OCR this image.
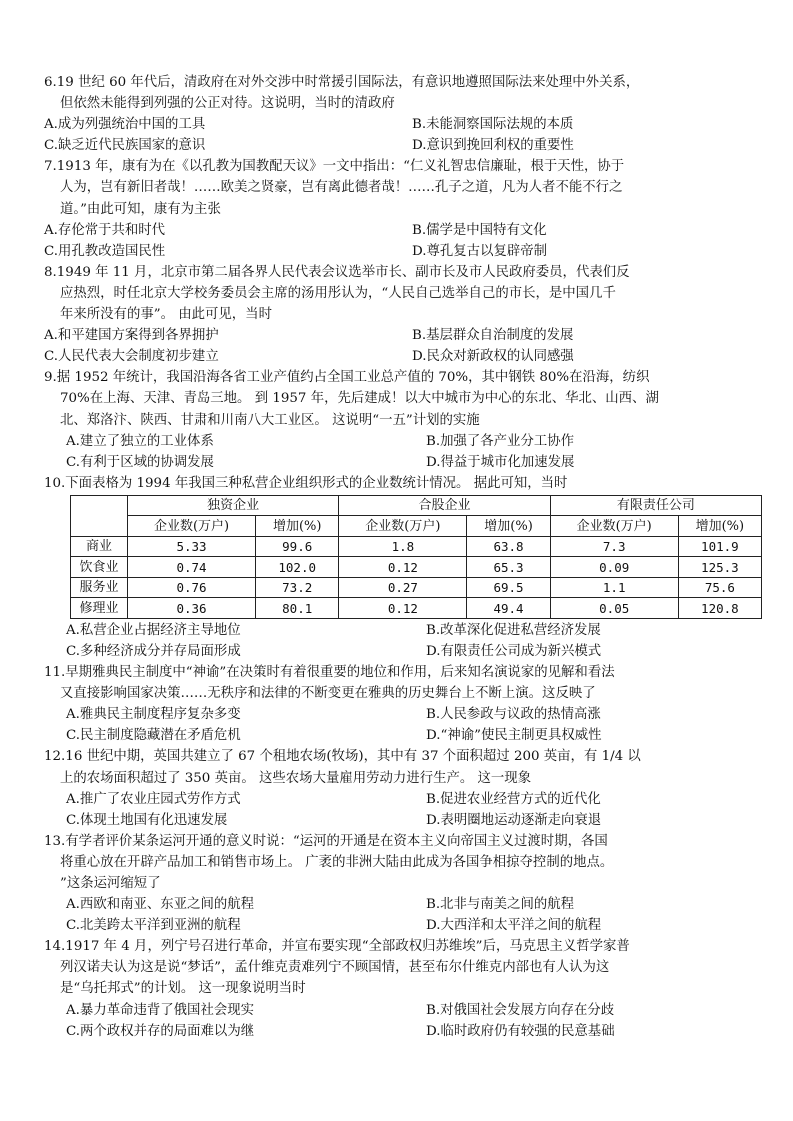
6.19 世纪 60 年代后，清政府在对外交涉中时常援引国际法，有意识地遵照国际法来处理中外关系，
但依然未能得到列强的公正对待。这说明，当时的清政府
A.成为列强统治中国的工具	B.未能洞察国际法规的本质
C.缺乏近代民族国家的意识	D.意识到挽回利权的重要性
7.1913 年，康有为在《以孔教为国教配天议》一文中指出：“仁义礼智忠信廉耻，根于天性，协于
人为，岂有新旧者哉！……欧美之贤豪，岂有离此德者哉！……孔子之道，凡为人者不能不行之
道。”由此可知，康有为主张
A.存伦常于共和时代	B.儒学是中国特有文化
C.用孔教改造国民性	D.尊孔复古以复辟帝制
8.1949 年 11 月，北京市第二届各界人民代表会议选举市长、副市长及市人民政府委员，代表们反
应热烈，时任北京大学校务委员会主席的汤用彤认为，“人民自己选举自己的市长，是中国几千
年来所没有的事”。 由此可见，当时
A.和平建国方案得到各界拥护	B.基层群众自治制度的发展
C.人民代表大会制度初步建立	D.民众对新政权的认同感强
9.据 1952 年统计，我国沿海各省工业产值约占全国工业总产值的 70%，其中钢铁 80%在沿海，纺织
70%在上海、天津、青岛三地。 到 1957 年，先后建成！以大中城市为中心的东北、华北、山西、湖
北、郑洛汴、陕西、甘肃和川南八大工业区。 这说明“一五”计划的实施
A.建立了独立的工业体系	B.加强了各产业分工协作
C.有利于区域的协调发展	D.得益于城市化加速发展
10.下面表格为 1994 年我国三种私营企业组织形式的企业数统计情况。 据此可知，当时
	独资企业		合股企业		有限责任公司	
	企业数(万户)	增加(%)	企业数(万户)	增加(%)	企业数(万户)	增加(%)
商业	5.33	99.6	1.8	63.8	7.3	101.9
饮食业	0.74	102.0	0.12	65.3	0.09	125.3
服务业	0.76	73.2	0.27	69.5	1.1	75.6
修理业	0.36	80.1	0.12	49.4	0.05	120.8
A.私营企业占据经济主导地位	B.改革深化促进私营经济发展
C.多种经济成分并存局面形成	D.有限责任公司成为新兴模式
11.早期雅典民主制度中“神谕”在决策时有着很重要的地位和作用，后来知名演说家的见解和看法
又直接影响国家决策……无秩序和法律的不断变更在雅典的历史舞台上不断上演。这反映了
A.雅典民主制度程序复杂多变	B.人民参政与议政的热情高涨
C.民主制度隐藏潜在矛盾危机	D.“神谕”使民主制更具权威性
12.16 世纪中期，英国共建立了 67 个租地农场(牧场)，其中有 37 个面积超过 200 英亩，有 1/4 以
上的农场面积超过了 350 英亩。 这些农场大量雇用劳动力进行生产。 这一现象
A.推广了农业庄园式劳作方式	B.促进农业经营方式的近代化
C.体现土地国有化迅速发展	D.表明圈地运动逐渐走向衰退
13.有学者评价某条运河开通的意义时说：“运河的开通是在资本主义向帝国主义过渡时期，各国
将重心放在开辟产品加工和销售市场上。 广袤的非洲大陆由此成为各国争相掠夺控制的地点。
”这条运河缩短了
A.西欧和南亚、东亚之间的航程	B.北非与南美之间的航程
C.北美跨太平洋到亚洲的航程	D.大西洋和太平洋之间的航程
14.1917 年 4 月，列宁号召进行革命，并宣布要实现“全部政权归苏维埃”后，马克思主义哲学家普
列汉诺夫认为这是说“梦话”，孟什维克责难列宁不顾国情，甚至布尔什维克内部也有人认为这
是“乌托邦式”的计划。 这一现象说明当时
A.暴力革命违背了俄国社会现实	B.对俄国社会发展方向存在分歧
C.两个政权并存的局面难以为继	D.临时政府仍有较强的民意基础
